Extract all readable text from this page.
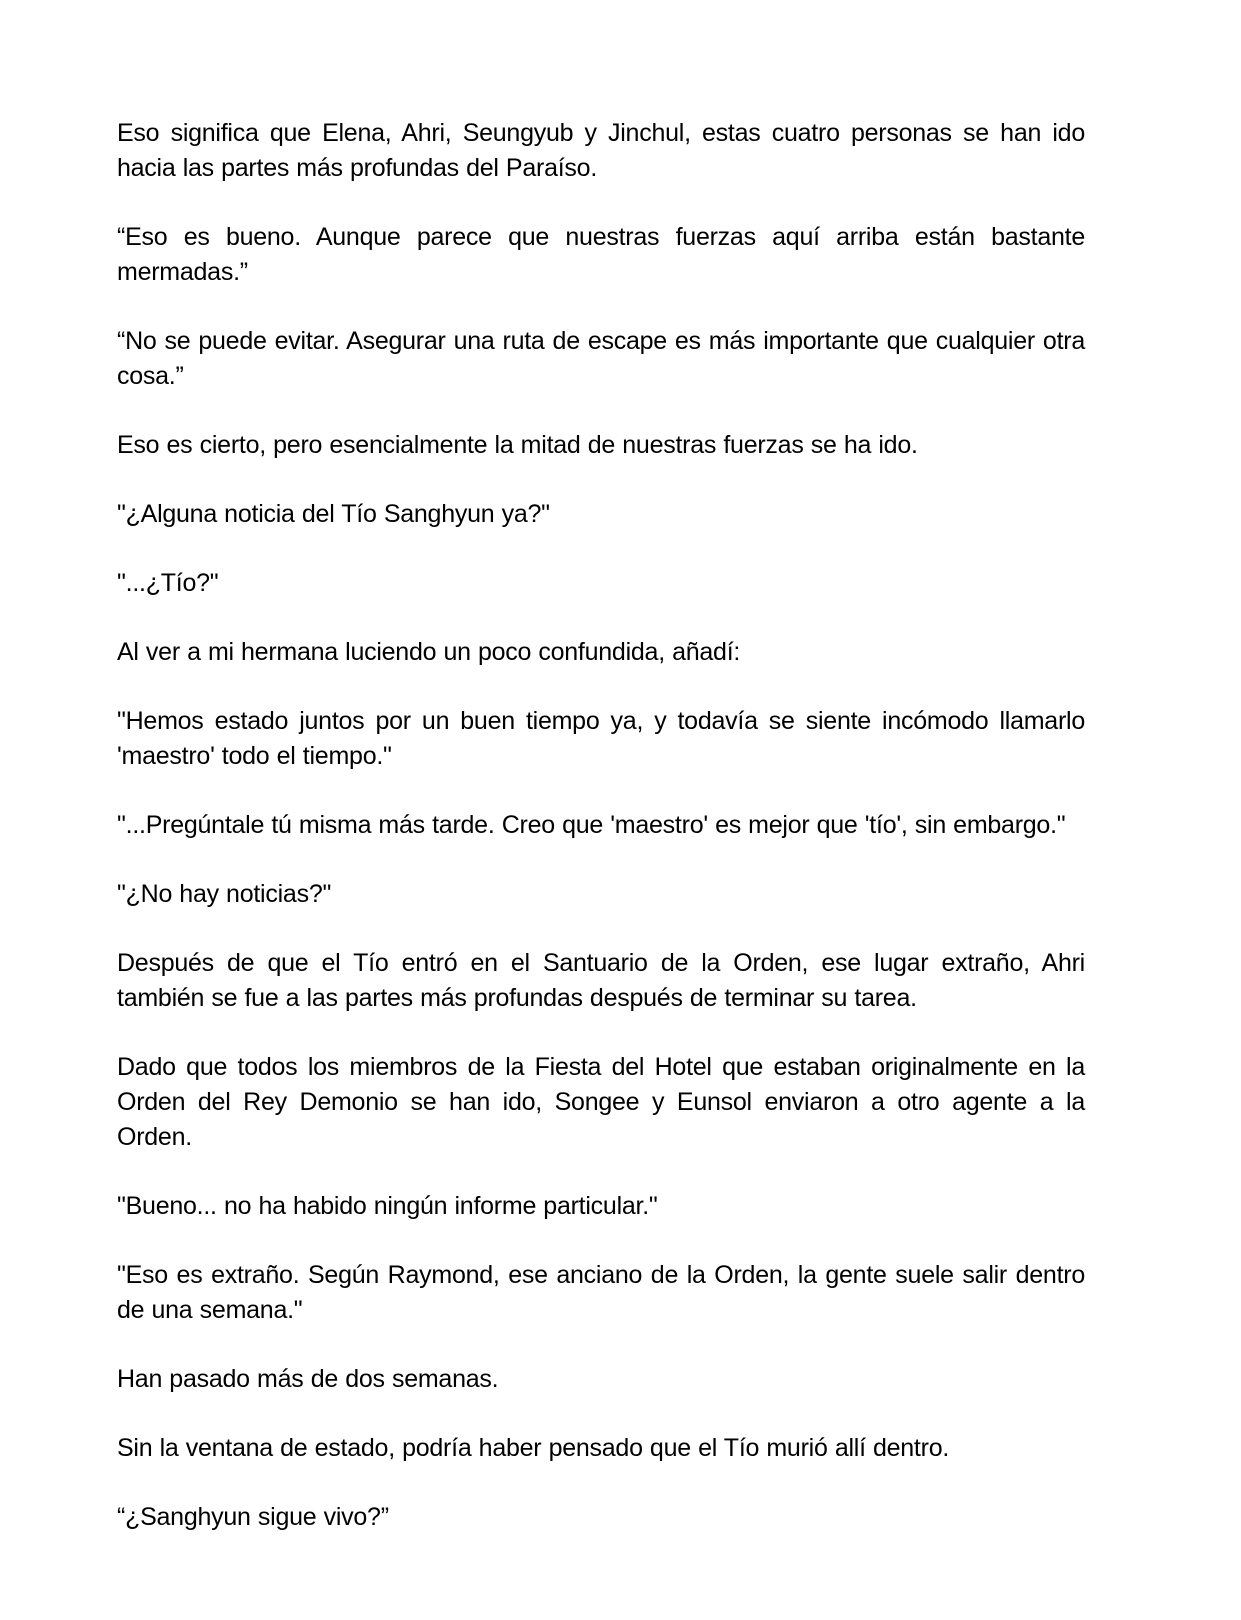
Eso significa que Elena, Ahri, Seungyub y Jinchul, estas cuatro personas se han ido hacia las partes más profundas del Paraíso.

“Eso es bueno. Aunque parece que nuestras fuerzas aquí arriba están bastante mermadas.”

“No se puede evitar. Asegurar una ruta de escape es más importante que cualquier otra cosa.”

Eso es cierto, pero esencialmente la mitad de nuestras fuerzas se ha ido.

"¿Alguna noticia del Tío Sanghyun ya?"

"...¿Tío?"

Al ver a mi hermana luciendo un poco confundida, añadí:

"Hemos estado juntos por un buen tiempo ya, y todavía se siente incómodo llamarlo 'maestro' todo el tiempo."

"...Pregúntale tú misma más tarde. Creo que 'maestro' es mejor que 'tío', sin embargo."

"¿No hay noticias?"

Después de que el Tío entró en el Santuario de la Orden, ese lugar extraño, Ahri también se fue a las partes más profundas después de terminar su tarea.

Dado que todos los miembros de la Fiesta del Hotel que estaban originalmente en la Orden del Rey Demonio se han ido, Songee y Eunsol enviaron a otro agente a la Orden.

"Bueno... no ha habido ningún informe particular."

"Eso es extraño. Según Raymond, ese anciano de la Orden, la gente suele salir dentro de una semana."

Han pasado más de dos semanas.

Sin la ventana de estado, podría haber pensado que el Tío murió allí dentro.

“¿Sanghyun sigue vivo?”
